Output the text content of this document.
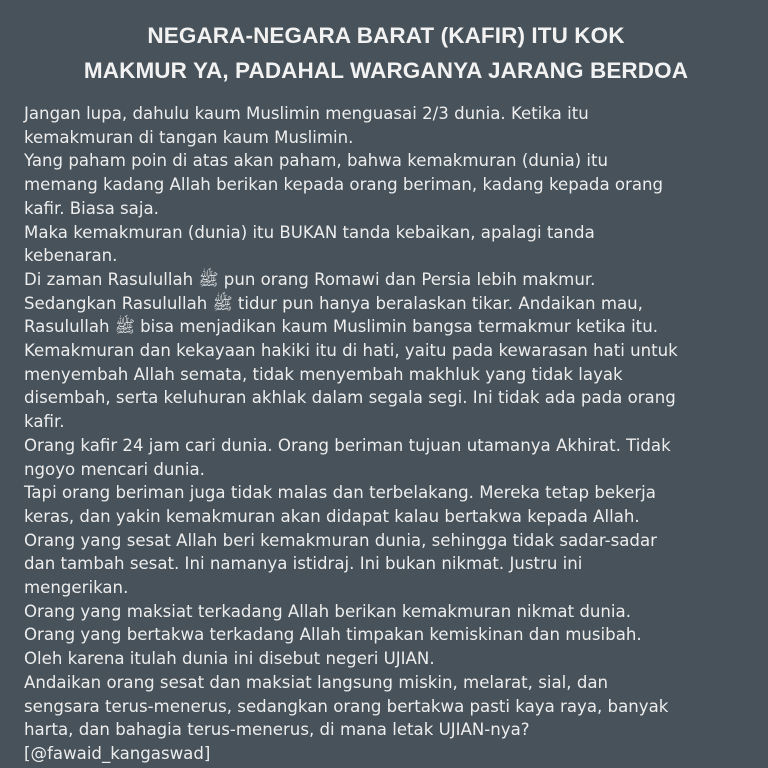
NEGARA-NEGARA BARAT (KAFIR) ITU KOK
MAKMUR YA, PADAHAL WARGANYA JARANG BERDOA

Jangan lupa, dahulu kaum Muslimin menguasai 2/3 dunia. Ketika itu
kemakmuran di tangan kaum Muslimin.

Yang paham poin di atas akan paham, bahwa kemakmuran (dunia) itu
memang kadang Allah berikan kepada orang beriman, kadang kepada orang
kafir. Biasa saja.

Maka kemakmuran (dunia) itu BUKAN tanda kebaikan, apalagi tanda
kebenaran.

Di zaman Rasulullah ﷺ pun orang Romawi dan Persia lebih makmur.
Sedangkan Rasulullah ﷺ tidur pun hanya beralaskan tikar. Andaikan mau,
Rasulullah ﷺ bisa menjadikan kaum Muslimin bangsa termakmur ketika itu.

Kemakmuran dan kekayaan hakiki itu di hati, yaitu pada kewarasan hati untuk
menyembah Allah semata, tidak menyembah makhluk yang tidak layak
disembah, serta keluhuran akhlak dalam segala segi. Ini tidak ada pada orang
kafir.

Orang kafir 24 jam cari dunia. Orang beriman tujuan utamanya Akhirat. Tidak
ngoyo mencari dunia.

Tapi orang beriman juga tidak malas dan terbelakang. Mereka tetap bekerja
keras, dan yakin kemakmuran akan didapat kalau bertakwa kepada Allah.

Orang yang sesat Allah beri kemakmuran dunia, sehingga tidak sadar-sadar
dan tambah sesat. Ini namanya istidraj. Ini bukan nikmat. Justru ini
mengerikan.

Orang yang maksiat terkadang Allah berikan kemakmuran nikmat dunia.

Orang yang bertakwa terkadang Allah timpakan kemiskinan dan musibah.

Oleh karena itulah dunia ini disebut negeri UJIAN.

Andaikan orang sesat dan maksiat langsung miskin, melarat, sial, dan
sengsara terus-menerus, sedangkan orang bertakwa pasti kaya raya, banyak
harta, dan bahagia terus-menerus, di mana letak UJIAN-nya?

[@fawaid_kangaswad]
